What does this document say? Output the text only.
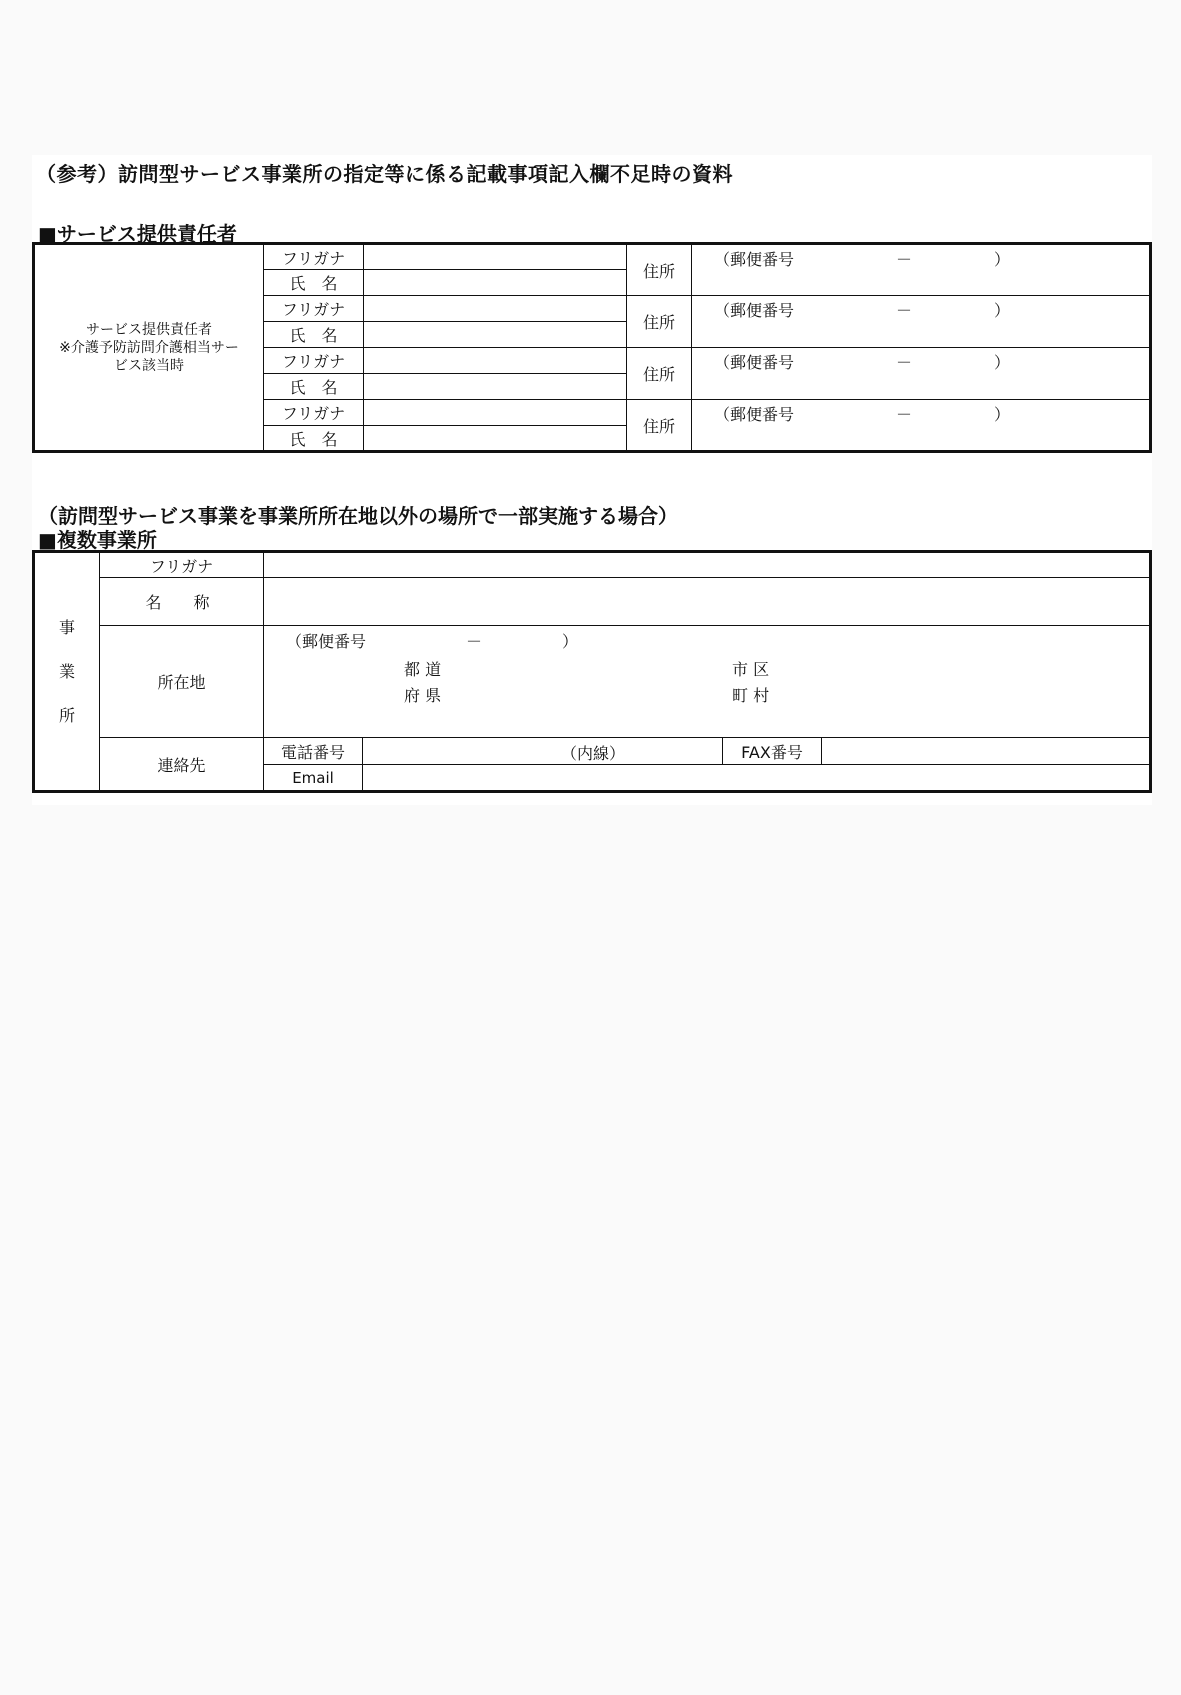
（参考）訪問型サービス事業所の指定等に係る記載事項記入欄不足時の資料
■サービス提供責任者
サービス提供責任者
※介護予防訪問介護相当サー
ビス該当時	フリガナ		住所	（郵便番号 － ）
	氏　名			
	フリガナ		住所	（郵便番号 － ）
	氏　名			
	フリガナ		住所	（郵便番号 － ）
	氏　名			
	フリガナ		住所	（郵便番号 － ）
	氏　名			
（訪問型サービス事業を事業所所在地以外の場所で一部実施する場合）
■複数事業所
事
業
所	フリガナ				
	名　称				
	所在地	（郵便番号 － ）
都 道
府 県
市 区
町 村			

	連絡先	電話番号	（内線）	FAX番号	
		Email			
